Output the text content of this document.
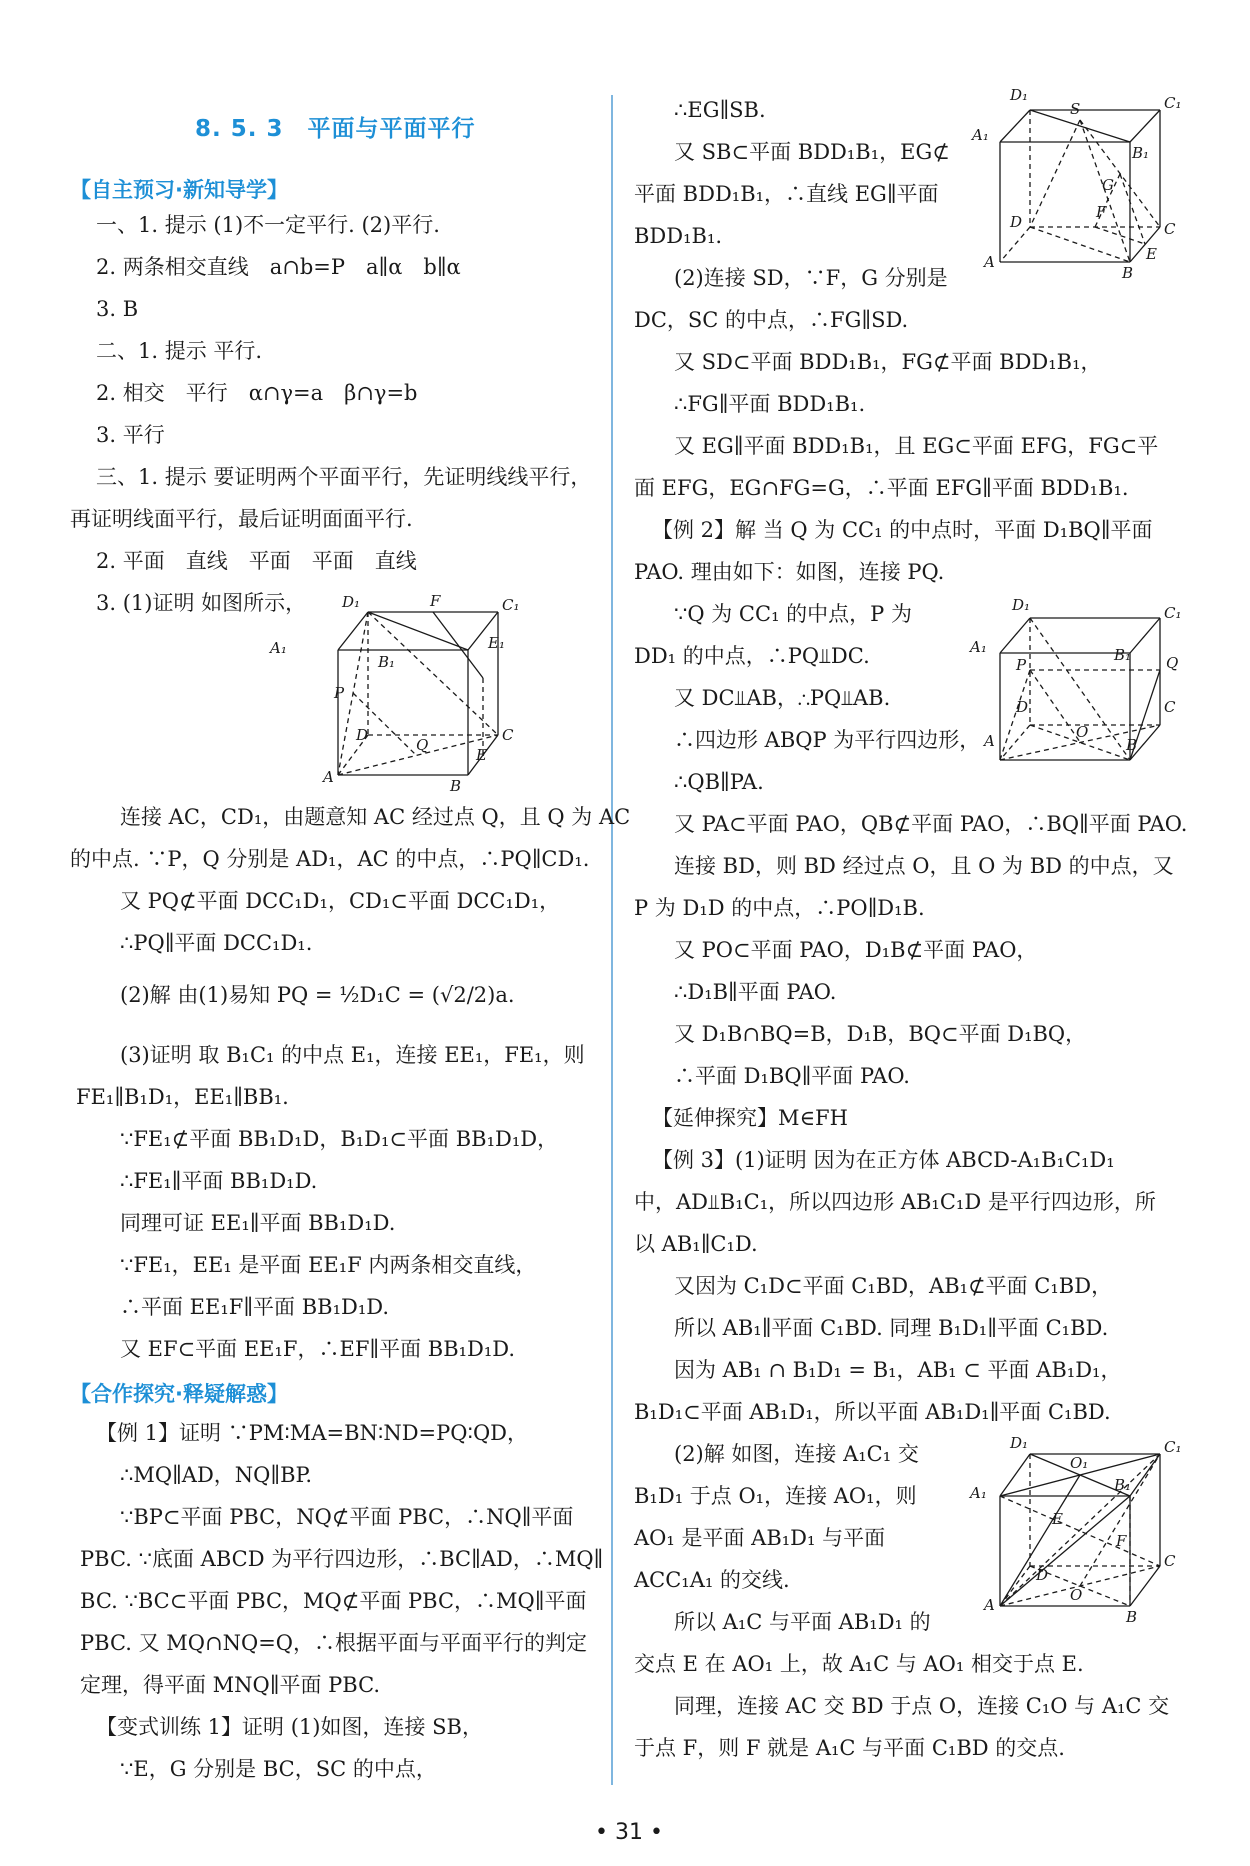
8. 5. 3　平面与平面平行
【自主预习·新知导学】
一、1. 提示 (1)不一定平行. (2)平行.
2. 两条相交直线　a∩b=P　a∥α　b∥α
3. B
二、1. 提示 平行.
2. 相交　平行　α∩γ=a　β∩γ=b
3. 平行
三、1. 提示 要证明两个平面平行，先证明线线平行，
再证明线面平行，最后证明面面平行.
2. 平面　直线　平面　平面　直线
3. (1)证明 如图所示， D₁	F	C₁
A₁
B₁
E₁
P
D
Q
C
A
E
B
连接 AC，CD₁，由题意知 AC 经过点 Q，且 Q 为 AC
的中点. ∵P，Q 分别是 AD₁，AC 的中点，∴PQ∥CD₁.
又 PQ⊄平面 DCC₁D₁，CD₁⊂平面 DCC₁D₁，
∴PQ∥平面 DCC₁D₁.
(2)解 由(1)易知 PQ = ½D₁C = (√2/2)a.
(3)证明 取 B₁C₁ 的中点 E₁，连接 EE₁，FE₁，则
FE₁∥B₁D₁，EE₁∥BB₁.
∵FE₁⊄平面 BB₁D₁D，B₁D₁⊂平面 BB₁D₁D，
∴FE₁∥平面 BB₁D₁D.
同理可证 EE₁∥平面 BB₁D₁D.
∵FE₁，EE₁ 是平面 EE₁F 内两条相交直线，
∴平面 EE₁F∥平面 BB₁D₁D.
又 EF⊂平面 EE₁F，∴EF∥平面 BB₁D₁D.
【合作探究·释疑解惑】
【例 1】证明 ∵PM∶MA=BN∶ND=PQ∶QD，
∴MQ∥AD，NQ∥BP.
∵BP⊂平面 PBC，NQ⊄平面 PBC，∴NQ∥平面
PBC. ∵底面 ABCD 为平行四边形，∴BC∥AD，∴MQ∥
BC. ∵BC⊂平面 PBC，MQ⊄平面 PBC，∴MQ∥平面
PBC. 又 MQ∩NQ=Q，∴根据平面与平面平行的判定
定理，得平面 MNQ∥平面 PBC.
【变式训练 1】证明 (1)如图，连接 SB，
∵E，G 分别是 BC，SC 的中点，
∴EG∥SB.
又 SB⊂平面 BDD₁B₁，EG⊄
平面 BDD₁B₁，∴直线 EG∥平面
BDD₁B₁.
(2)连接 SD，∵F，G 分别是
DC，SC 的中点，∴FG∥SD.
D₁
S	C₁
A₁
B₁
G
F
D	C
A	E
B
又 SD⊂平面 BDD₁B₁，FG⊄平面 BDD₁B₁，
∴FG∥平面 BDD₁B₁.
又 EG∥平面 BDD₁B₁，且 EG⊂平面 EFG，FG⊂平
面 EFG，EG∩FG=G，∴平面 EFG∥平面 BDD₁B₁.
【例 2】解 当 Q 为 CC₁ 的中点时，平面 D₁BQ∥平面
PAO. 理由如下：如图，连接 PQ.
∵Q 为 CC₁ 的中点，P 为
DD₁ 的中点，∴PQ⫫DC.
又 DC⫫AB，∴PQ⫫AB.
∴四边形 ABQP 为平行四边形，
∴QB∥PA.
D₁	C₁
A₁	B₁
P	Q
D
O
C
A	B
又 PA⊂平面 PAO，QB⊄平面 PAO，∴BQ∥平面 PAO.
连接 BD，则 BD 经过点 O，且 O 为 BD 的中点，又
P 为 D₁D 的中点，∴PO∥D₁B.
又 PO⊂平面 PAO，D₁B⊄平面 PAO，
∴D₁B∥平面 PAO.
又 D₁B∩BQ=B，D₁B，BQ⊂平面 D₁BQ，
∴平面 D₁BQ∥平面 PAO.
【延伸探究】M∈FH
【例 3】(1)证明 因为在正方体 ABCD-A₁B₁C₁D₁
中，AD⫫B₁C₁，所以四边形 AB₁C₁D 是平行四边形，所
以 AB₁∥C₁D.
又因为 C₁D⊂平面 C₁BD，AB₁⊄平面 C₁BD，
所以 AB₁∥平面 C₁BD. 同理 B₁D₁∥平面 C₁BD.
因为 AB₁ ∩ B₁D₁ = B₁，AB₁ ⊂ 平面 AB₁D₁，
B₁D₁⊂平面 AB₁D₁，所以平面 AB₁D₁∥平面 C₁BD.
(2)解 如图，连接 A₁C₁ 交
B₁D₁ 于点 O₁，连接 AO₁，则
AO₁ 是平面 AB₁D₁ 与平面
ACC₁A₁ 的交线.
所以 A₁C 与平面 AB₁D₁ 的
D₁
O₁
C₁
A₁	B₁
E
F
D
O
C
A
B
交点 E 在 AO₁ 上，故 A₁C 与 AO₁ 相交于点 E.
同理，连接 AC 交 BD 于点 O，连接 C₁O 与 A₁C 交
于点 F，则 F 就是 A₁C 与平面 C₁BD 的交点.
• 31 •
